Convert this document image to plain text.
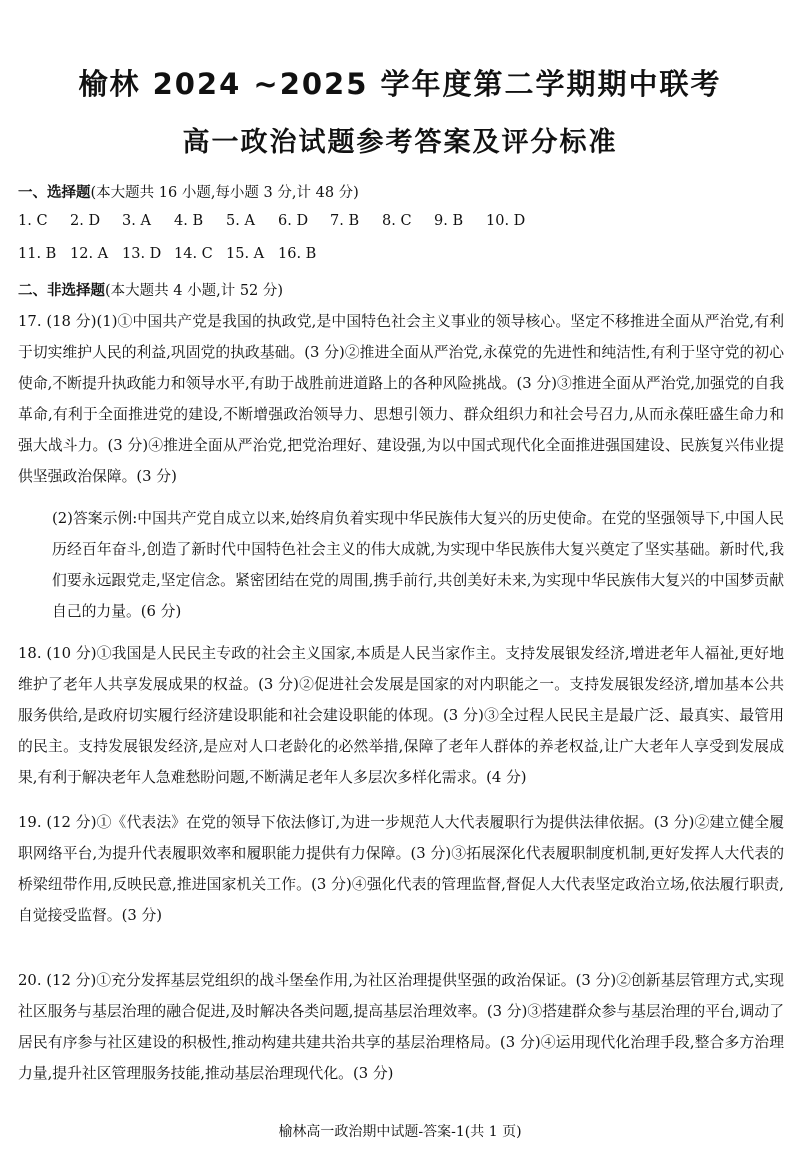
榆林 2024 ~2025 学年度第二学期期中联考
高一政治试题参考答案及评分标准
一、选择题(本大题共 16 小题,每小题 3 分,计 48 分)
1. C 2. D 3. A 4. B 5. A 6. D 7. B 8. C 9. B 10. D
11. B 12. A 13. D 14. C 15. A 16. B
二、非选择题(本大题共 4 小题,计 52 分)
17. (18 分)(1)①中国共产党是我国的执政党,是中国特色社会主义事业的领导核心。坚定不移推进全面从严治党,有利于切实维护人民的利益,巩固党的执政基础。(3 分)②推进全面从严治党,永葆党的先进性和纯洁性,有利于坚守党的初心使命,不断提升执政能力和领导水平,有助于战胜前进道路上的各种风险挑战。(3 分)③推进全面从严治党,加强党的自我革命,有利于全面推进党的建设,不断增强政治领导力、思想引领力、群众组织力和社会号召力,从而永葆旺盛生命力和强大战斗力。(3 分)④推进全面从严治党,把党治理好、建设强,为以中国式现代化全面推进强国建设、民族复兴伟业提供坚强政治保障。(3 分)
(2)答案示例:中国共产党自成立以来,始终肩负着实现中华民族伟大复兴的历史使命。在党的坚强领导下,中国人民历经百年奋斗,创造了新时代中国特色社会主义的伟大成就,为实现中华民族伟大复兴奠定了坚实基础。新时代,我们要永远跟党走,坚定信念。紧密团结在党的周围,携手前行,共创美好未来,为实现中华民族伟大复兴的中国梦贡献自己的力量。(6 分)
18. (10 分)①我国是人民民主专政的社会主义国家,本质是人民当家作主。支持发展银发经济,增进老年人福祉,更好地维护了老年人共享发展成果的权益。(3 分)②促进社会发展是国家的对内职能之一。支持发展银发经济,增加基本公共服务供给,是政府切实履行经济建设职能和社会建设职能的体现。(3 分)③全过程人民民主是最广泛、最真实、最管用的民主。支持发展银发经济,是应对人口老龄化的必然举措,保障了老年人群体的养老权益,让广大老年人享受到发展成果,有利于解决老年人急难愁盼问题,不断满足老年人多层次多样化需求。(4 分)
19. (12 分)①《代表法》在党的领导下依法修订,为进一步规范人大代表履职行为提供法律依据。(3 分)②建立健全履职网络平台,为提升代表履职效率和履职能力提供有力保障。(3 分)③拓展深化代表履职制度机制,更好发挥人大代表的桥梁纽带作用,反映民意,推进国家机关工作。(3 分)④强化代表的管理监督,督促人大代表坚定政治立场,依法履行职责,自觉接受监督。(3 分)
20. (12 分)①充分发挥基层党组织的战斗堡垒作用,为社区治理提供坚强的政治保证。(3 分)②创新基层管理方式,实现社区服务与基层治理的融合促进,及时解决各类问题,提高基层治理效率。(3 分)③搭建群众参与基层治理的平台,调动了居民有序参与社区建设的积极性,推动构建共建共治共享的基层治理格局。(3 分)④运用现代化治理手段,整合多方治理力量,提升社区管理服务技能,推动基层治理现代化。(3 分)
榆林高一政治期中试题-答案-1(共 1 页)
